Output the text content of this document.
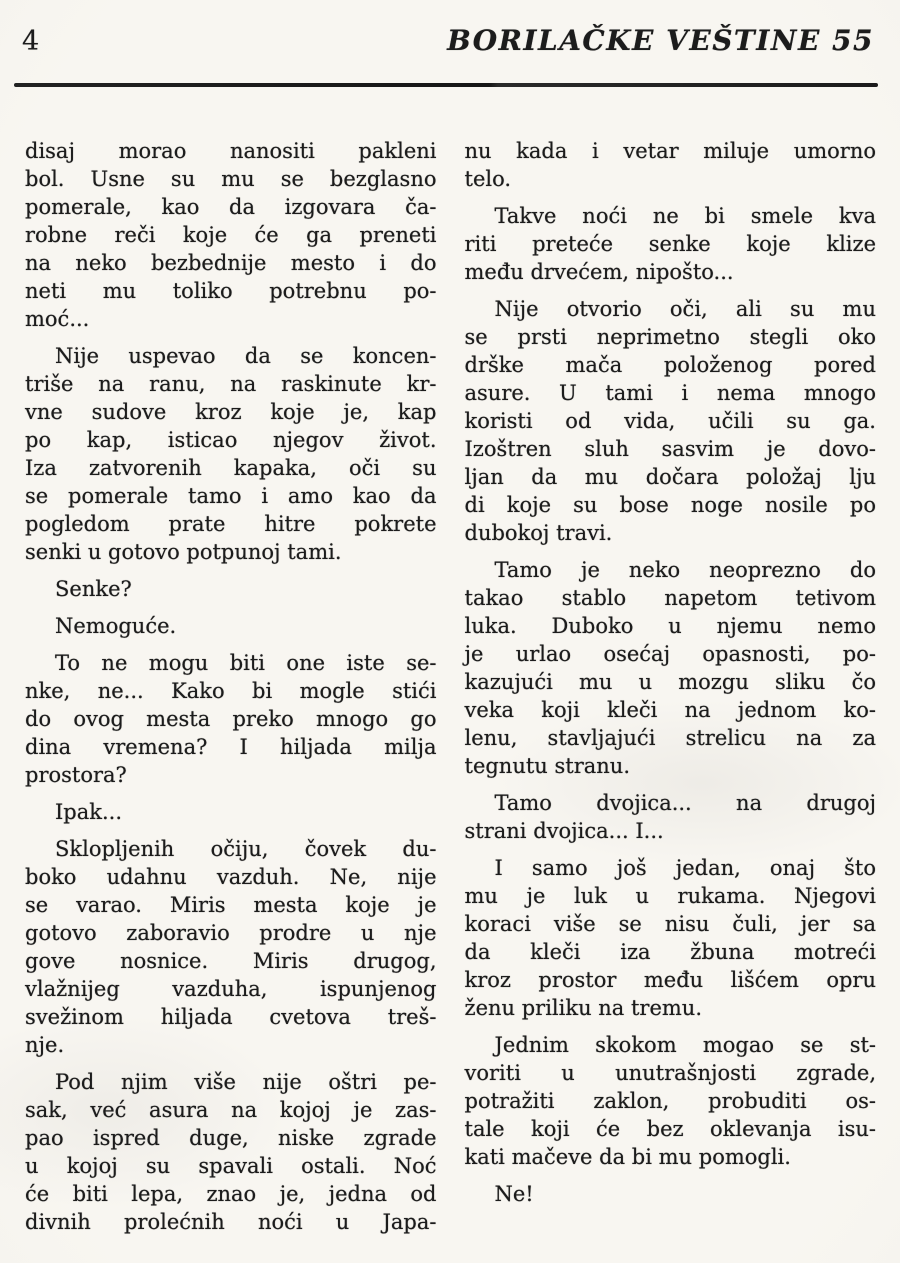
4	BORILAČKE VEŠTINE 55
disaj morao nanositi pakleni
bol. Usne su mu se bezglasno
pomerale, kao da izgovara ča-
robne reči koje će ga preneti
na neko bezbednije mesto i do
neti mu toliko potrebnu po-
moć...
Nije uspevao da se koncen-
triše na ranu, na raskinute kr-
vne sudove kroz koje je, kap
po kap, isticao njegov život.
Iza zatvorenih kapaka, oči su
se pomerale tamo i amo kao da
pogledom prate hitre pokrete
senki u gotovo potpunoj tami.
Senke?
Nemoguće.
To ne mogu biti one iste se-
nke, ne... Kako bi mogle stići
do ovog mesta preko mnogo go
dina vremena? I hiljada milja
prostora?
Ipak...
Sklopljenih očiju, čovek du-
boko udahnu vazduh. Ne, nije
se varao. Miris mesta koje je
gotovo zaboravio prodre u nje
gove nosnice. Miris drugog,
vlažnijeg vazduha, ispunjenog
svežinom hiljada cvetova treš-
nje.
Pod njim više nije oštri pe-
sak, već asura na kojoj je zas-
pao ispred duge, niske zgrade
u kojoj su spavali ostali. Noć
će biti lepa, znao je, jedna od
divnih prolećnih noći u Japa-
nu kada i vetar miluje umorno
telo.
Takve noći ne bi smele kva
riti preteće senke koje klize
među drvećem, nipošto...
Nije otvorio oči, ali su mu
se prsti neprimetno stegli oko
drške mača položenog pored
asure. U tami i nema mnogo
koristi od vida, učili su ga.
Izoštren sluh sasvim je dovo-
ljan da mu dočara položaj lju
di koje su bose noge nosile po
dubokoj travi.
Tamo je neko neoprezno do
takao stablo napetom tetivom
luka. Duboko u njemu nemo
je urlao osećaj opasnosti, po-
kazujući mu u mozgu sliku čo
veka koji kleči na jednom ko-
lenu, stavljajući strelicu na za
tegnutu stranu.
Tamo dvojica... na drugoj
strani dvojica... I...
I samo još jedan, onaj što
mu je luk u rukama. Njegovi
koraci više se nisu čuli, jer sa
da kleči iza žbuna motreći
kroz prostor među lišćem opru
ženu priliku na tremu.
Jednim skokom mogao se st-
voriti u unutrašnjosti zgrade,
potražiti zaklon, probuditi os-
tale koji će bez oklevanja isu-
kati mačeve da bi mu pomogli.
Ne!
